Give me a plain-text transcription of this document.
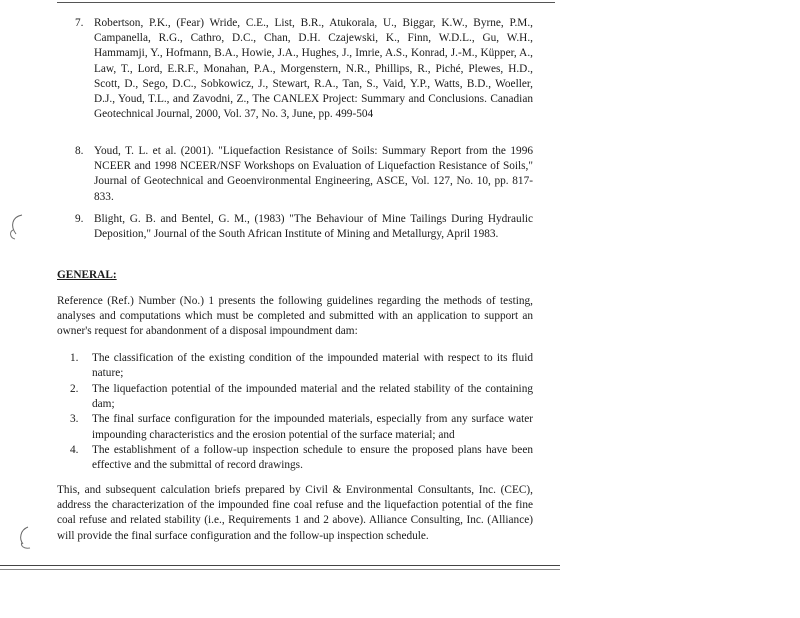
7. Robertson, P.K., (Fear) Wride, C.E., List, B.R., Atukorala, U., Biggar, K.W., Byrne, P.M., Campanella, R.G., Cathro, D.C., Chan, D.H. Czajewski, K., Finn, W.D.L., Gu, W.H., Hammamji, Y., Hofmann, B.A., Howie, J.A., Hughes, J., Imrie, A.S., Konrad, J.-M., Küpper, A., Law, T., Lord, E.R.F., Monahan, P.A., Morgenstern, N.R., Phillips, R., Piché, Plewes, H.D., Scott, D., Sego, D.C., Sobkowicz, J., Stewart, R.A., Tan, S., Vaid, Y.P., Watts, B.D., Woeller, D.J., Youd, T.L., and Zavodni, Z., The CANLEX Project: Summary and Conclusions. Canadian Geotechnical Journal, 2000, Vol. 37, No. 3, June, pp. 499-504
8. Youd, T. L. et al. (2001). "Liquefaction Resistance of Soils: Summary Report from the 1996 NCEER and 1998 NCEER/NSF Workshops on Evaluation of Liquefaction Resistance of Soils," Journal of Geotechnical and Geoenvironmental Engineering, ASCE, Vol. 127, No. 10, pp. 817-833.
9. Blight, G. B. and Bentel, G. M., (1983) "The Behaviour of Mine Tailings During Hydraulic Deposition," Journal of the South African Institute of Mining and Metallurgy, April 1983.
GENERAL:
Reference (Ref.) Number (No.) 1 presents the following guidelines regarding the methods of testing, analyses and computations which must be completed and submitted with an application to support an owner's request for abandonment of a disposal impoundment dam:
1. The classification of the existing condition of the impounded material with respect to its fluid nature;
2. The liquefaction potential of the impounded material and the related stability of the containing dam;
3. The final surface configuration for the impounded materials, especially from any surface water impounding characteristics and the erosion potential of the surface material; and
4. The establishment of a follow-up inspection schedule to ensure the proposed plans have been effective and the submittal of record drawings.
This, and subsequent calculation briefs prepared by Civil & Environmental Consultants, Inc. (CEC), address the characterization of the impounded fine coal refuse and the liquefaction potential of the fine coal refuse and related stability (i.e., Requirements 1 and 2 above). Alliance Consulting, Inc. (Alliance) will provide the final surface configuration and the follow-up inspection schedule.
